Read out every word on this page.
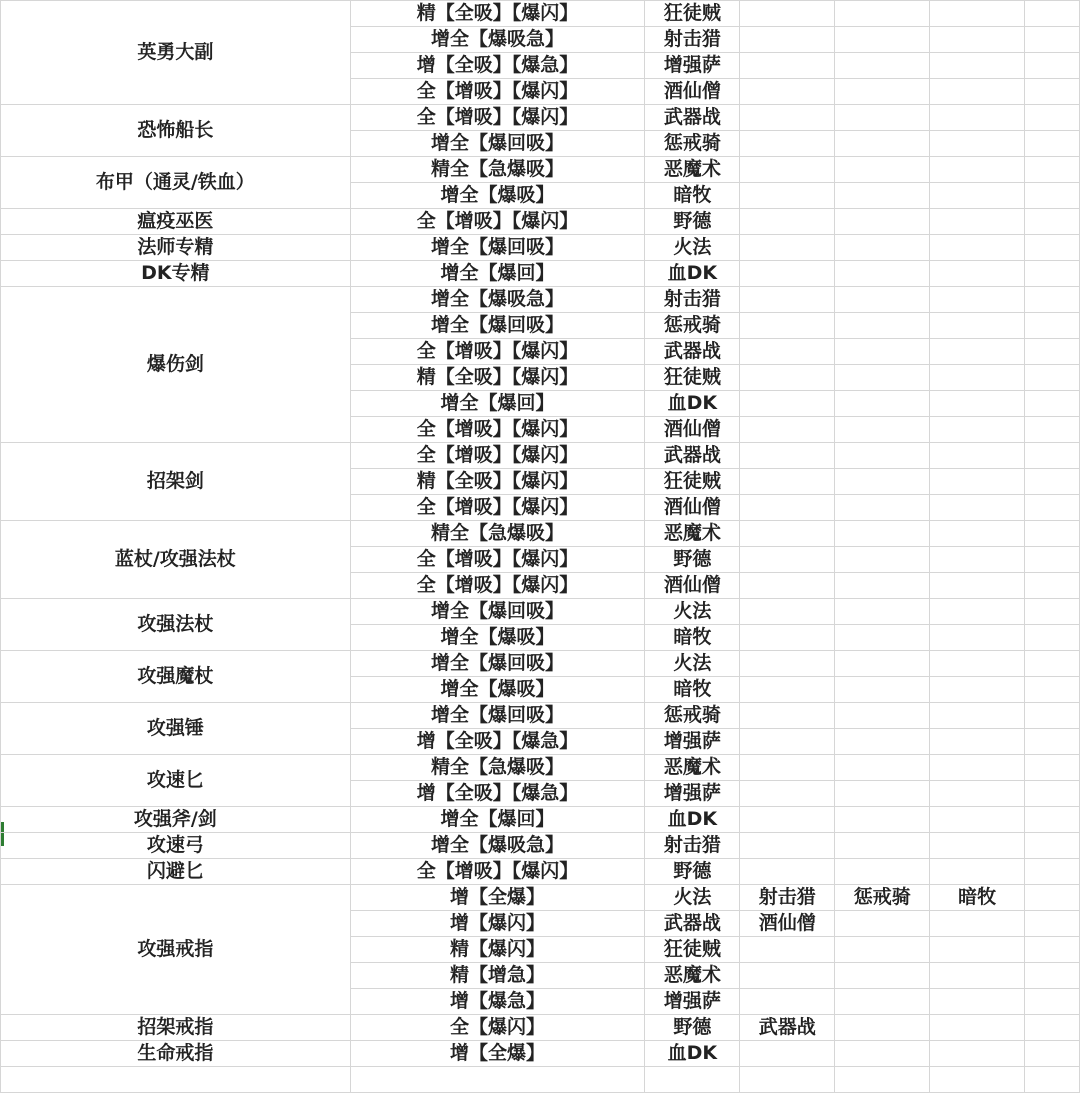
英勇大副	精【全吸】【爆闪】	狂徒贼				
	增全【爆吸急】	射击猎				
	增【全吸】【爆急】	增强萨				
	全【增吸】【爆闪】	酒仙僧				
恐怖船长	全【增吸】【爆闪】	武器战				
	增全【爆回吸】	惩戒骑				
布甲（通灵/铁血）	精全【急爆吸】	恶魔术				
	增全【爆吸】	暗牧				
瘟疫巫医	全【增吸】【爆闪】	野德				
法师专精	增全【爆回吸】	火法				
DK专精	增全【爆回】	血DK				
爆伤剑	增全【爆吸急】	射击猎				
	增全【爆回吸】	惩戒骑				
	全【增吸】【爆闪】	武器战				
	精【全吸】【爆闪】	狂徒贼				
	增全【爆回】	血DK				
	全【增吸】【爆闪】	酒仙僧				
招架剑	全【增吸】【爆闪】	武器战				
	精【全吸】【爆闪】	狂徒贼				
	全【增吸】【爆闪】	酒仙僧				
蓝杖/攻强法杖	精全【急爆吸】	恶魔术				
	全【增吸】【爆闪】	野德				
	全【增吸】【爆闪】	酒仙僧				
攻强法杖	增全【爆回吸】	火法				
	增全【爆吸】	暗牧				
攻强魔杖	增全【爆回吸】	火法				
	增全【爆吸】	暗牧				
攻强锤	增全【爆回吸】	惩戒骑				
	增【全吸】【爆急】	增强萨				
攻速匕	精全【急爆吸】	恶魔术				
	增【全吸】【爆急】	增强萨				
攻强斧/剑	增全【爆回】	血DK				
攻速弓	增全【爆吸急】	射击猎				
闪避匕	全【增吸】【爆闪】	野德				
攻强戒指	增【全爆】	火法	射击猎	惩戒骑	暗牧	
	增【爆闪】	武器战	酒仙僧			
	精【爆闪】	狂徒贼				
	精【增急】	恶魔术				
	增【爆急】	增强萨				
招架戒指	全【爆闪】	野德	武器战			
生命戒指	增【全爆】	血DK				
